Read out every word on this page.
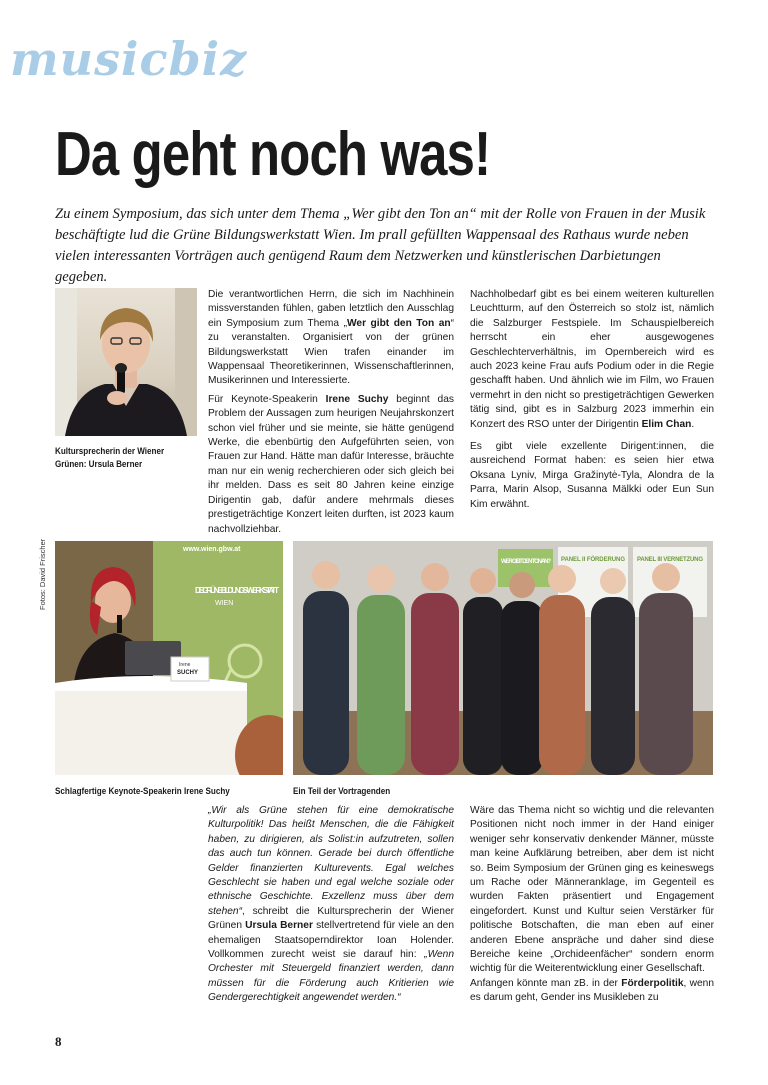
musicbiz
Da geht noch was!

Zu einem Symposium, das sich unter dem Thema „Wer gibt den Ton an“ mit der Rolle von Frauen in der Musik beschäftigte lud die Grüne Bildungswerkstatt Wien. Im prall gefüllten Wappensaal des Rathaus wurde neben vielen interessanten Vorträgen auch genügend Raum dem Netzwerken und künstlerischen Darbietungen gegeben.

Kultursprecherin der Wiener Grünen: Ursula Berner

Die verantwortlichen Herrn, die sich im Nachhinein missverstanden fühlen, gaben letztlich den Ausschlag ein Symposium zum Thema „Wer gibt den Ton an“ zu veranstalten. Organisiert von der grünen Bildungswerkstatt Wien trafen einander im Wappensaal Theoretikerinnen, Wissenschaftlerinnen, Musikerinnen und Interessierte.

Für Keynote-Speakerin Irene Suchy beginnt das Problem der Aussagen zum heurigen Neujahrskonzert schon viel früher und sie meinte, sie hätte genügend Werke, die ebenbürtig den Aufgeführten seien, von Frauen zur Hand. Hätte man dafür Interesse, bräuchte man nur ein wenig recherchieren oder sich gleich bei ihr melden. Dass es seit 80 Jahren keine einzige Dirigentin gab, dafür andere mehrmals dieses prestigeträchtige Konzert leiten durften, ist 2023 kaum nachvollziehbar.

Nachholbedarf gibt es bei einem weiteren kulturellen Leuchtturm, auf den Österreich so stolz ist, nämlich die Salzburger Festspiele. Im Schauspielbereich herrscht ein eher ausgewogenes Geschlechterverhältnis, im Opernbereich wird es auch 2023 keine Frau aufs Podium oder in die Regie geschafft haben. Und ähnlich wie im Film, wo Frauen vermehrt in den nicht so prestigeträchtigen Gewerken tätig sind, gibt es in Salzburg 2023 immerhin ein Konzert des RSO unter der Dirigentin Elim Chan.

Es gibt viele exzellente Dirigent:innen, die ausreichend Format haben: es seien hier etwa Oksana Lyniv, Mirga Gražinytė-Tyla, Alondra de la Parra, Marin Alsop, Susanna Mälkki oder Eun Sun Kim erwähnt.

Fotos: David Frischer	www.wien.gbw.at
DIE GRÜNE BILDUNGS-WERKSTATT
WIEN
Irene
SUCHY
Schlagfertige Keynote-Speakerin Irene Suchy
WER GIBT DEN TON AN? PANEL II FÖRDERUNG PANEL III VERNETZUNG
Ein Teil der Vortragenden

„Wir als Grüne stehen für eine demokratische Kulturpolitik! Das heißt Menschen, die die Fähigkeit haben, zu dirigieren, als Solist:in aufzutreten, sollen das auch tun können. Gerade bei durch öffentliche Gelder finanzierten Kulturevents. Egal welches Geschlecht sie haben und egal welche soziale oder ethnische Geschichte. Exzellenz muss über dem stehen“, schreibt die Kultursprecherin der Wiener Grünen Ursula Berner stellvertretend für viele an den ehemaligen Staatsoperndirektor Ioan Holender. Vollkommen zurecht weist sie darauf hin: „Wenn Orchester mit Steuergeld finanziert werden, dann müssen für die Förderung auch Kritierien wie Gendergerechtigkeit angewendet werden.“

Wäre das Thema nicht so wichtig und die relevanten Positionen nicht noch immer in der Hand einiger weniger sehr konservativ denkender Männer, müsste man keine Aufklärung betreiben, aber dem ist nicht so. Beim Symposium der Grünen ging es keineswegs um Rache oder Männeranklage, im Gegenteil es wurden Fakten präsentiert und Engagement eingefordert. Kunst und Kultur seien Verstärker für politische Botschaften, die man eben auf einer anderen Ebene anspräche und daher sind diese Bereiche keine „Orchideenfächer“ sondern enorm wichtig für die Weiterentwicklung einer Gesellschaft.

Anfangen könnte man zB. in der Förderpolitik, wenn es darum geht, Gender ins Musikleben zu

8
